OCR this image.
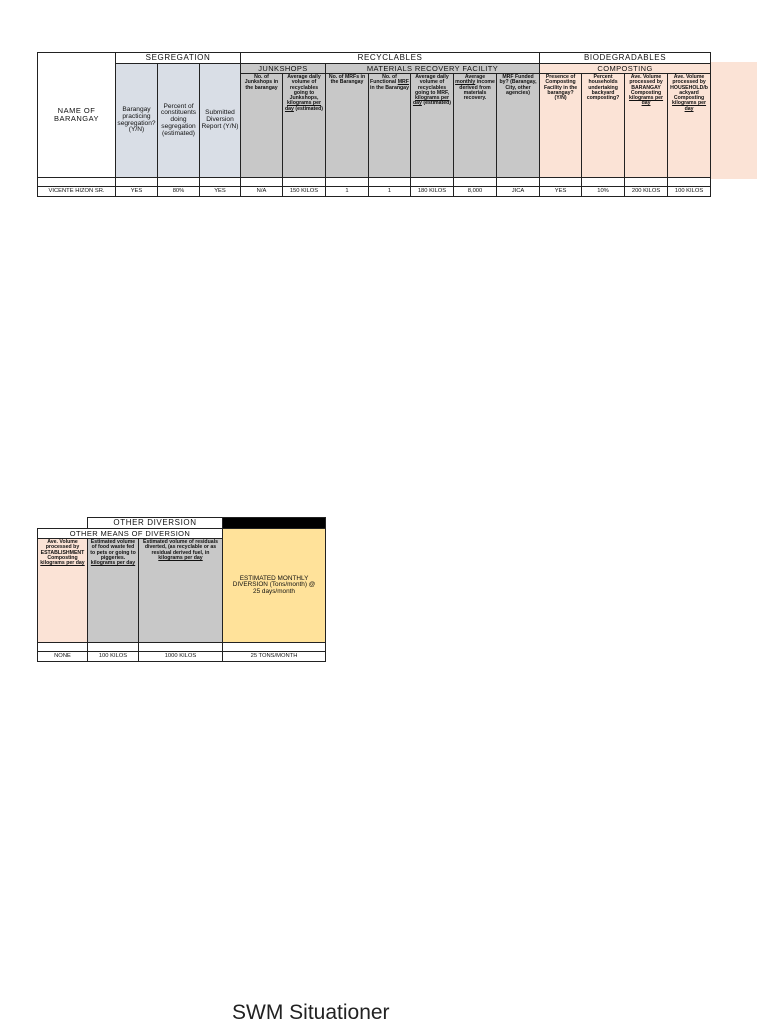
NAME OF BARANGAY	SEGREGATION			RECYCLABLES							BIODEGRADABLES			
	Barangay practicing segregation? (Y/N)	Percent of constituents doing segregation (estimated)	Submitted Diversion Report (Y/N)	JUNKSHOPS		MATERIALS RECOVERY FACILITY					COMPOSTING			
				No. of Junkshops in the barangay	Average daily volume of recyclables going to Junkshops, kilograms per day (estimated)	No. of MRFs in the Barangay	No. of Functional MRF in the Barangay	Average daily volume of recyclables going to MRF, kilograms per day (estimated)	Average monthly income derived from materials recovery.	MRF Funded by? (Barangay, City, other agencies)	Presence of Composting Facility in the barangay? (Y/N)	Percent households undertaking backyard composting?	Ave. Volume processed by BARANGAY Composting kilograms per day	Ave. Volume processed by HOUSEHOLD/backyard Composting kilograms per day

VICENTE HIZON SR.	YES	80%	YES	N/A	150 KILOS	1	1	180 KILOS	8,000	JICA	YES	10%	200 KILOS	100 KILOS
	OTHER DIVERSION		
OTHER MEANS OF DIVERSION			ESTIMATED MONTHLY DIVERSION (Tons/month) @ 25 days/month
Ave. Volume processed by ESTABLISHMENT Composting kilograms per day	Estimated volume of food waste fed to pets or going to piggeries. kilograms per day	Estimated volume of residuals diverted, (as recyclable or as residual derived fuel, in kilograms per day	

NONE	100 KILOS	1000 KILOS	25 TONS/MONTH
SWM Situationer
